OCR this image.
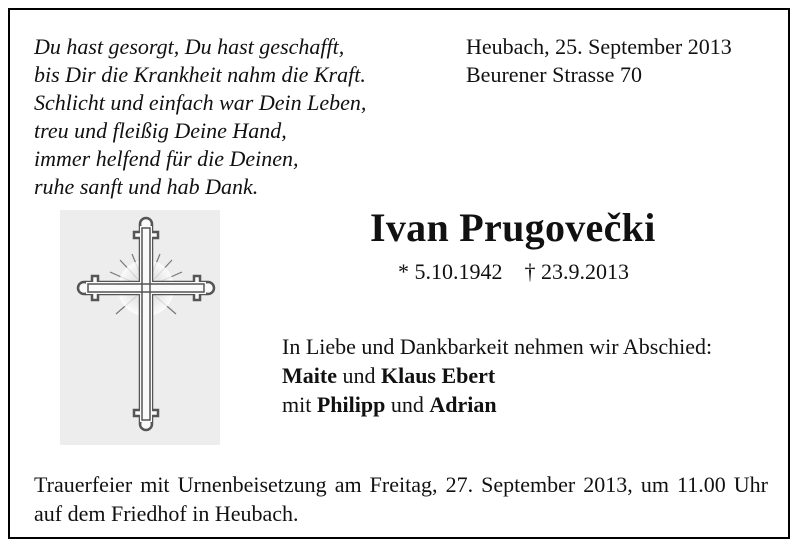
Du hast gesorgt, Du hast geschafft,
bis Dir die Krankheit nahm die Kraft.
Schlicht und einfach war Dein Leben,
treu und fleißig Deine Hand,
immer helfend für die Deinen,
ruhe sanft und hab Dank.
Heubach, 25. September 2013
Beurener Strasse 70
Ivan Prugovečki
* 5.10.1942 † 23.9.2013
In Liebe und Dankbarkeit nehmen wir Abschied:
Maite und Klaus Ebert
mit Philipp und Adrian
Trauerfeier mit Urnenbeisetzung am Freitag, 27. September 2013, um 11.00 Uhr auf dem Friedhof in Heubach.
